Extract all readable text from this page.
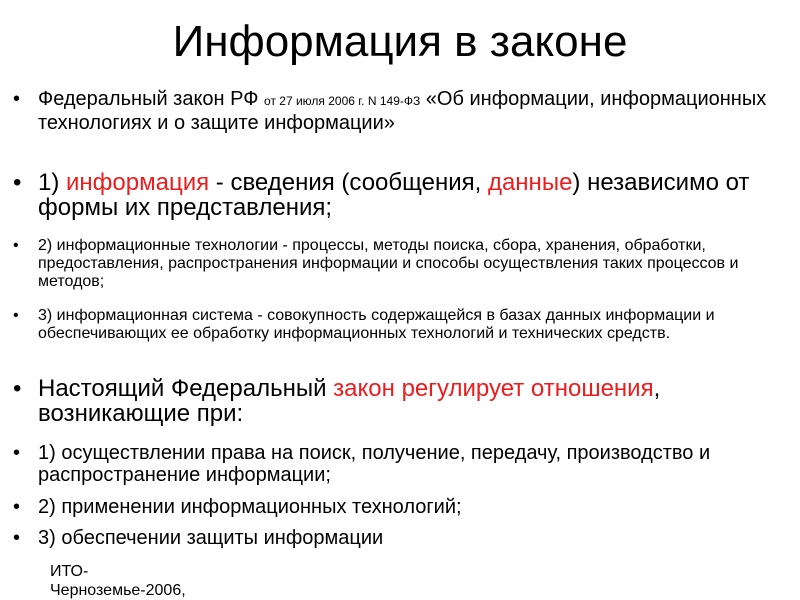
Информация в законе
• Федеральный закон РФ от 27 июля 2006 г. N 149-ФЗ «Об информации, информационных технологиях и о защите информации»
• 1) информация - сведения (сообщения, данные) независимо от формы их представления;
• 2) информационные технологии - процессы, методы поиска, сбора, хранения, обработки, предоставления, распространения информации и способы осуществления таких процессов и методов;
• 3) информационная система - совокупность содержащейся в базах данных информации и обеспечивающих ее обработку информационных технологий и технических средств.
• Настоящий Федеральный закон регулирует отношения, возникающие при:
• 1) осуществлении права на поиск, получение, передачу, производство и распространение информации;
• 2) применении информационных технологий;
• 3) обеспечении защиты информации
ИТО-
Черноземье-2006,
